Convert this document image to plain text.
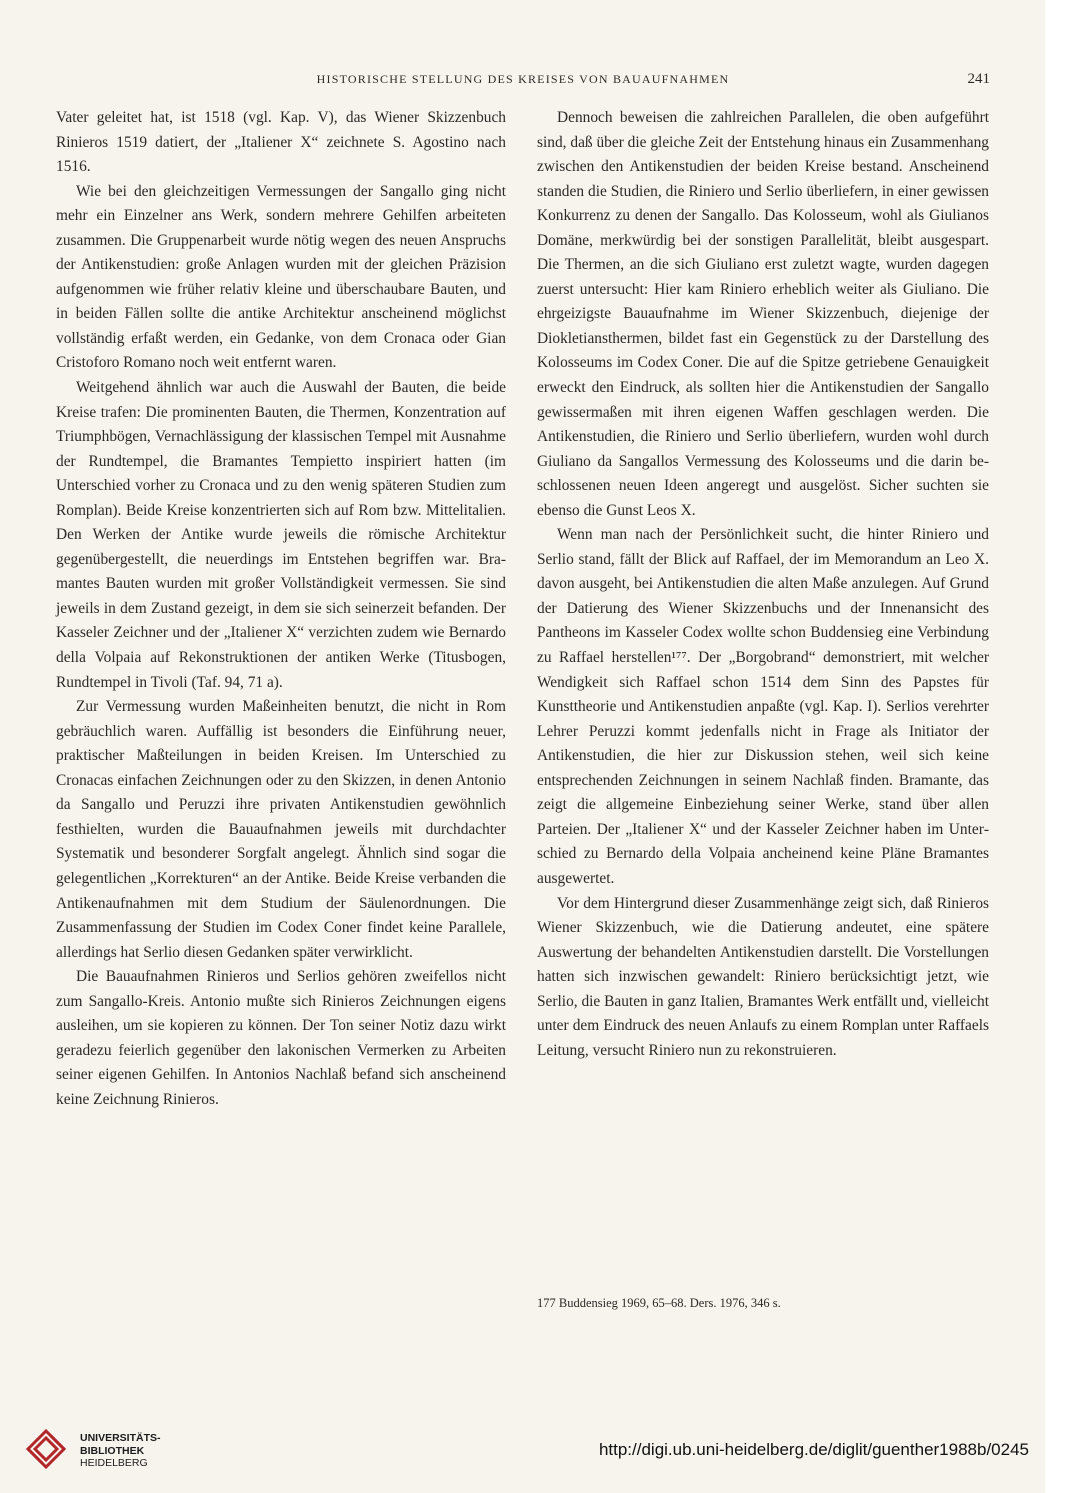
HISTORISCHE STELLUNG DES KREISES VON BAUAUFNAHMEN	241

Vater geleitet hat, ist 1518 (vgl. Kap. V), das Wiener Skizzenbuch Rinieros 1519 datiert, der „Italiener X“ zeichnete S. Agostino nach 1516.

Wie bei den gleichzeitigen Vermessungen der Sangallo ging nicht mehr ein Einzelner ans Werk, sondern mehrere Gehilfen arbeiteten zusammen. Die Gruppenarbeit wurde nötig wegen des neuen Anspruchs der Antikenstudien: große Anlagen wurden mit der gleichen Präzision aufgenommen wie früher relativ kleine und überschaubare Bauten, und in beiden Fällen sollte die antike Architektur anscheinend möglichst vollständig erfaßt werden, ein Gedanke, von dem Cronaca oder Gian Cristoforo Romano noch weit entfernt waren.

Weitgehend ähnlich war auch die Auswahl der Bauten, die beide Kreise trafen: Die prominenten Bauten, die Thermen, Konzentration auf Triumphbögen, Vernachlässigung der klassischen Tempel mit Ausnahme der Rundtempel, die Bramantes Tempietto inspiriert hatten (im Unterschied vorher zu Cronaca und zu den wenig späteren Studien zum Romplan). Beide Kreise konzentrierten sich auf Rom bzw. Mittelitalien. Den Werken der Antike wurde jeweils die römische Architektur gegenübergestellt, die neuerdings im Entstehen begriffen war. Bramantes Bauten wurden mit großer Vollständigkeit vermessen. Sie sind jeweils in dem Zustand gezeigt, in dem sie sich seinerzeit befanden. Der Kasseler Zeichner und der „Italiener X“ verzichten zudem wie Bernardo della Volpaia auf Rekonstruktionen der antiken Werke (Titusbogen, Rundtempel in Tivoli (Taf. 94, 71 a).

Zur Vermessung wurden Maßeinheiten benutzt, die nicht in Rom gebräuchlich waren. Auffällig ist besonders die Einführung neuer, praktischer Maßteilungen in beiden Kreisen. Im Unterschied zu Cronacas einfachen Zeichnungen oder zu den Skizzen, in denen Antonio da Sangallo und Peruzzi ihre privaten Antikenstudien gewöhnlich festhielten, wurden die Bauaufnahmen jeweils mit durchdachter Systematik und besonderer Sorgfalt angelegt. Ähnlich sind sogar die gelegentlichen „Korrekturen“ an der Antike. Beide Kreise verbanden die Antikenaufnahmen mit dem Studium der Säulenordnungen. Die Zusammenfassung der Studien im Codex Coner findet keine Parallele, allerdings hat Serlio diesen Gedanken später verwirklicht.

Die Bauaufnahmen Rinieros und Serlios gehören zweifellos nicht zum Sangallo-Kreis. Antonio mußte sich Rinieros Zeichnungen eigens ausleihen, um sie kopieren zu können. Der Ton seiner Notiz dazu wirkt geradezu feierlich gegenüber den lakonischen Vermerken zu Arbeiten seiner eigenen Gehilfen. In Antonios Nachlaß befand sich anscheinend keine Zeichnung Rinieros.

Dennoch beweisen die zahlreichen Parallelen, die oben aufgeführt sind, daß über die gleiche Zeit der Entstehung hinaus ein Zusammenhang zwischen den Antikenstudien der beiden Kreise bestand. Anscheinend standen die Studien, die Riniero und Serlio überliefern, in einer gewissen Konkurrenz zu denen der Sangallo. Das Kolosseum, wohl als Giulianos Domäne, merkwürdig bei der sonstigen Parallelität, bleibt ausgespart. Die Thermen, an die sich Giuliano erst zuletzt wagte, wurden dagegen zuerst untersucht: Hier kam Riniero erheblich weiter als Giuliano. Die ehrgeizigste Bauaufnahme im Wiener Skizzenbuch, diejenige der Diokletiansthermen, bildet fast ein Gegenstück zu der Darstellung des Kolosseums im Codex Coner. Die auf die Spitze getriebene Genauigkeit erweckt den Eindruck, als sollten hier die Antikenstudien der Sangallo gewissermaßen mit ihren eigenen Waffen geschlagen werden. Die Antikenstudien, die Riniero und Serlio überliefern, wurden wohl durch Giuliano da Sangallos Vermessung des Kolosseums und die darin beschlossenen neuen Ideen angeregt und ausgelöst. Sicher suchten sie ebenso die Gunst Leos X.

Wenn man nach der Persönlichkeit sucht, die hinter Riniero und Serlio stand, fällt der Blick auf Raffael, der im Memorandum an Leo X. davon ausgeht, bei Antikenstudien die alten Maße anzulegen. Auf Grund der Datierung des Wiener Skizzenbuchs und der Innenansicht des Pantheons im Kasseler Codex wollte schon Buddensieg eine Verbindung zu Raffael herstellen¹⁷⁷. Der „Borgobrand“ demonstriert, mit welcher Wendigkeit sich Raffael schon 1514 dem Sinn des Papstes für Kunsttheorie und Antikenstudien anpaßte (vgl. Kap. I). Serlios verehrter Lehrer Peruzzi kommt jedenfalls nicht in Frage als Initiator der Antikenstudien, die hier zur Diskussion stehen, weil sich keine entsprechenden Zeichnungen in seinem Nachlaß finden. Bramante, das zeigt die allgemeine Einbeziehung seiner Werke, stand über allen Parteien. Der „Italiener X“ und der Kasseler Zeichner haben im Unterschied zu Bernardo della Volpaia ancheinend keine Pläne Bramantes ausgewertet.

Vor dem Hintergrund dieser Zusammenhänge zeigt sich, daß Rinieros Wiener Skizzenbuch, wie die Datierung andeutet, eine spätere Auswertung der behandelten Antikenstudien darstellt. Die Vorstellungen hatten sich inzwischen gewandelt: Riniero berücksichtigt jetzt, wie Serlio, die Bauten in ganz Italien, Bramantes Werk entfällt und, vielleicht unter dem Eindruck des neuen Anlaufs zu einem Romplan unter Raffaels Leitung, versucht Riniero nun zu rekonstruieren.

177 Buddensieg 1969, 65–68. Ders. 1976, 346 s.
UNIVERSITÄTS-
BIBLIOTHEK
HEIDELBERG
http://digi.ub.uni-heidelberg.de/diglit/guenther1988b/0245
